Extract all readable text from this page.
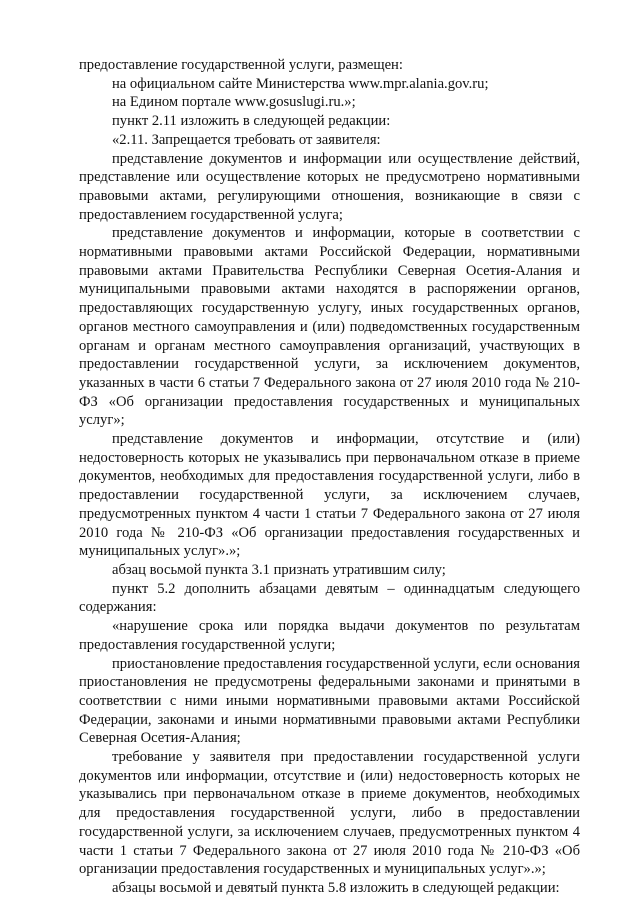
предоставление государственной услуги, размещен:

на официальном сайте Министерства www.mpr.alania.gov.ru;

на Едином портале www.gosuslugi.ru.»;

пункт 2.11 изложить в следующей редакции:

«2.11. Запрещается требовать от заявителя:

представление документов и информации или осуществление действий, представление или осуществление которых не предусмотрено нормативными правовыми актами, регулирующими отношения, возникающие в связи с предоставлением государственной услуга;

представление документов и информации, которые в соответствии с нормативными правовыми актами Российской Федерации, нормативными правовыми актами Правительства Республики Северная Осетия-Алания и муниципальными правовыми актами находятся в распоряжении органов, предоставляющих государственную услугу, иных государственных органов, органов местного самоуправления и (или) подведомственных государственным органам и органам местного самоуправления организаций, участвующих в предоставлении государственной услуги, за исключением документов, указанных в части 6 статьи 7 Федерального закона от 27 июля 2010 года № 210-ФЗ «Об организации предоставления государственных и муниципальных услуг»;

представление документов и информации, отсутствие и (или) недостоверность которых не указывались при первоначальном отказе в приеме документов, необходимых для предоставления государственной услуги, либо в предоставлении государственной услуги, за исключением случаев, предусмотренных пунктом 4 части 1 статьи 7 Федерального закона от 27 июля 2010 года № 210-ФЗ «Об организации предоставления государственных и муниципальных услуг».»;

абзац восьмой пункта 3.1 признать утратившим силу;

пункт 5.2 дополнить абзацами девятым – одиннадцатым следующего содержания:

«нарушение срока или порядка выдачи документов по результатам предоставления государственной услуги;

приостановление предоставления государственной услуги, если основания приостановления не предусмотрены федеральными законами и принятыми в соответствии с ними иными нормативными правовыми актами Российской Федерации, законами и иными нормативными правовыми актами Республики Северная Осетия-Алания;

требование у заявителя при предоставлении государственной услуги документов или информации, отсутствие и (или) недостоверность которых не указывались при первоначальном отказе в приеме документов, необходимых для предоставления государственной услуги, либо в предоставлении государственной услуги, за исключением случаев, предусмотренных пунктом 4 части 1 статьи 7 Федерального закона от 27 июля 2010 года № 210-ФЗ «Об организации предоставления государственных и муниципальных услуг».»;

абзацы восьмой и девятый пункта 5.8 изложить в следующей редакции:
